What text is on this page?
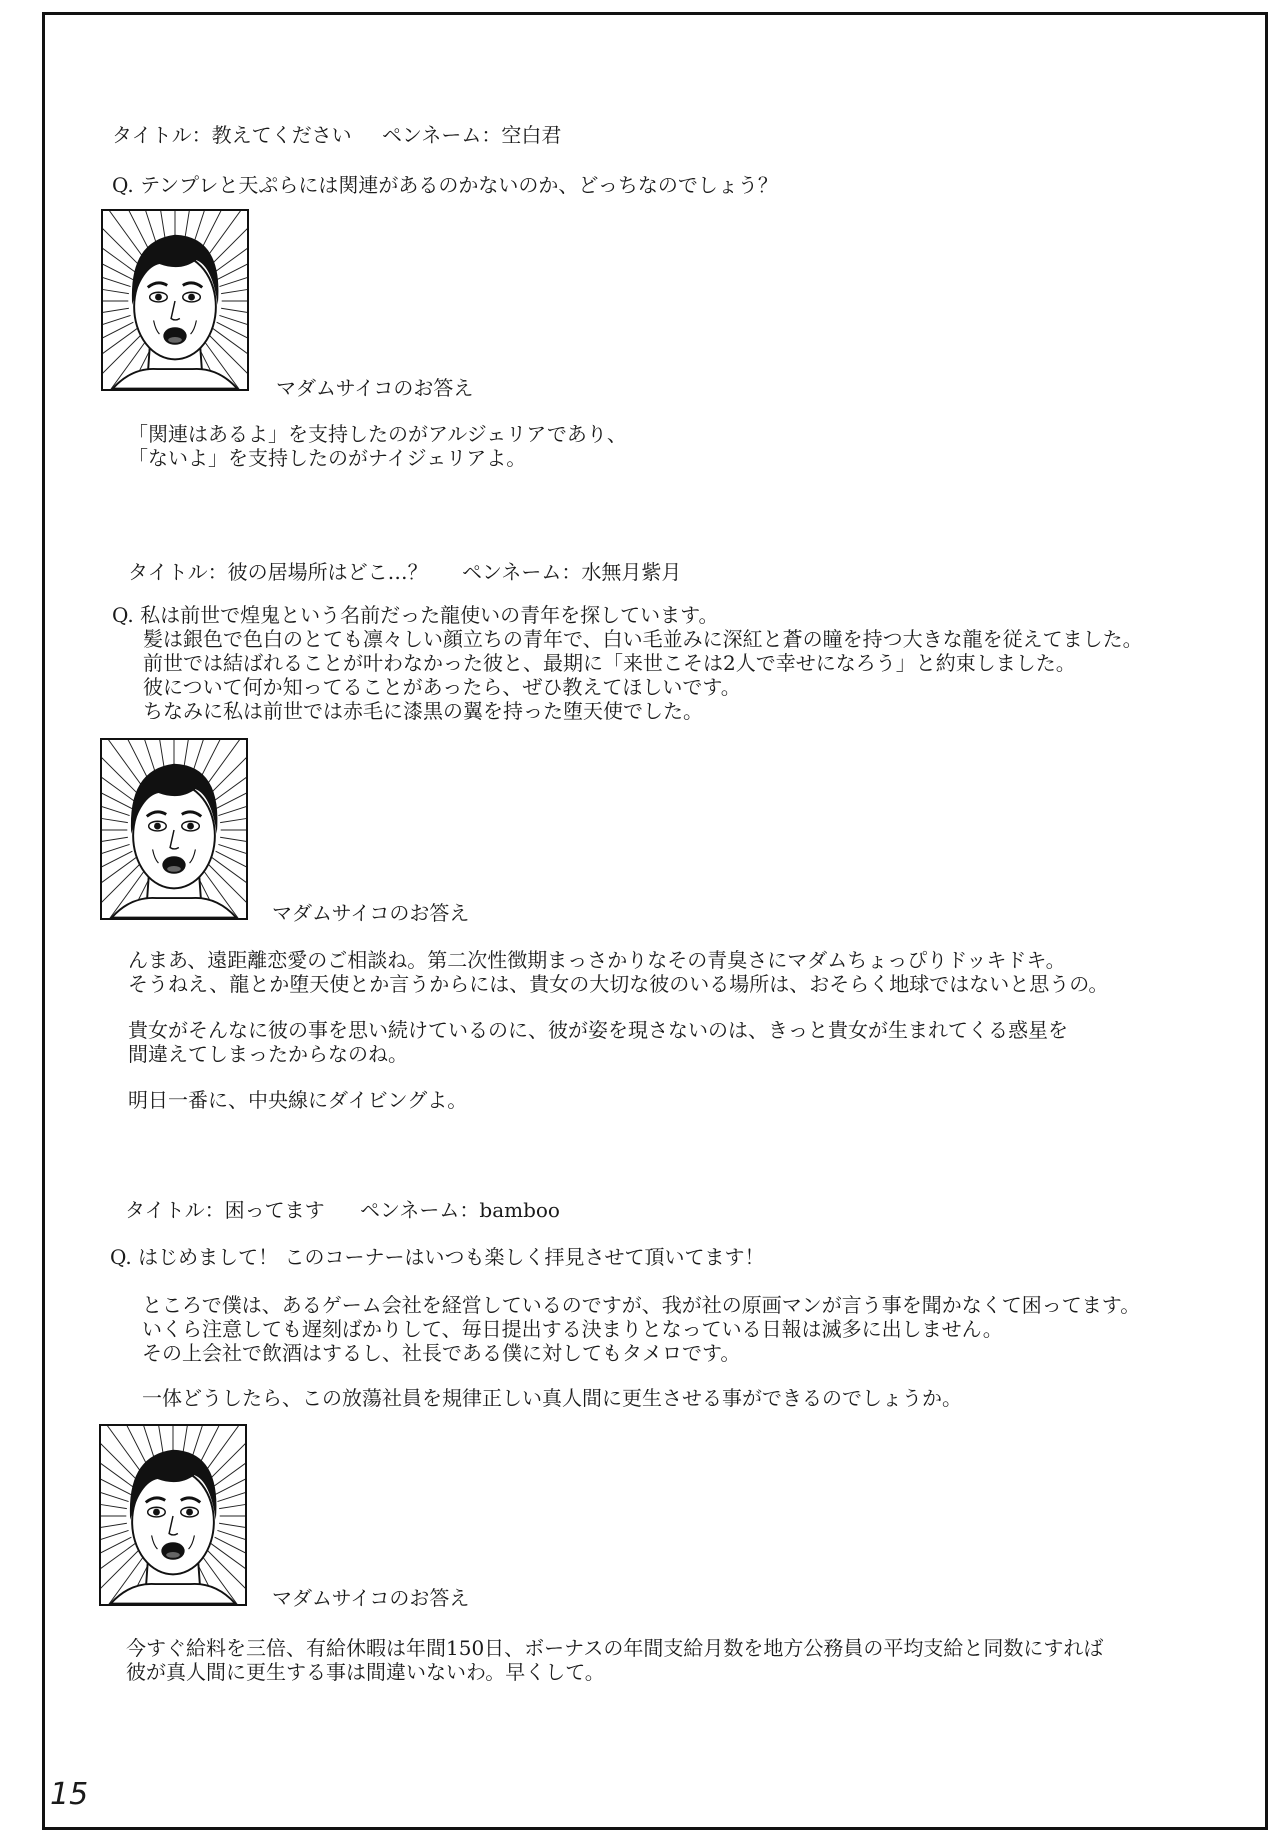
タイトル：教えてください ペンネーム：空白君
Q. テンプレと天ぷらには関連があるのかないのか、どっちなのでしょう？
マダムサイコのお答え
「関連はあるよ」を支持したのがアルジェリアであり、
「ないよ」を支持したのがナイジェリアよ。
タイトル：彼の居場所はどこ…？ ペンネーム：水無月紫月
Q. 私は前世で煌鬼という名前だった龍使いの青年を探しています。
髪は銀色で色白のとても凛々しい顔立ちの青年で、白い毛並みに深紅と蒼の瞳を持つ大きな龍を従えてました。
前世では結ばれることが叶わなかった彼と、最期に「来世こそは2人で幸せになろう」と約束しました。
彼について何か知ってることがあったら、ぜひ教えてほしいです。
ちなみに私は前世では赤毛に漆黒の翼を持った堕天使でした。
マダムサイコのお答え
んまあ、遠距離恋愛のご相談ね。第二次性徴期まっさかりなその青臭さにマダムちょっぴりドッキドキ。
そうねえ、龍とか堕天使とか言うからには、貴女の大切な彼のいる場所は、おそらく地球ではないと思うの。
貴女がそんなに彼の事を思い続けているのに、彼が姿を現さないのは、きっと貴女が生まれてくる惑星を
間違えてしまったからなのね。
明日一番に、中央線にダイビングよ。
タイトル：困ってます ペンネーム：bamboo
Q. はじめまして！ このコーナーはいつも楽しく拝見させて頂いてます！
ところで僕は、あるゲーム会社を経営しているのですが、我が社の原画マンが言う事を聞かなくて困ってます。
いくら注意しても遅刻ばかりして、毎日提出する決まりとなっている日報は滅多に出しません。
その上会社で飲酒はするし、社長である僕に対してもタメロです。
一体どうしたら、この放蕩社員を規律正しい真人間に更生させる事ができるのでしょうか。
マダムサイコのお答え
今すぐ給料を三倍、有給休暇は年間150日、ボーナスの年間支給月数を地方公務員の平均支給と同数にすれば
彼が真人間に更生する事は間違いないわ。早くして。
15
